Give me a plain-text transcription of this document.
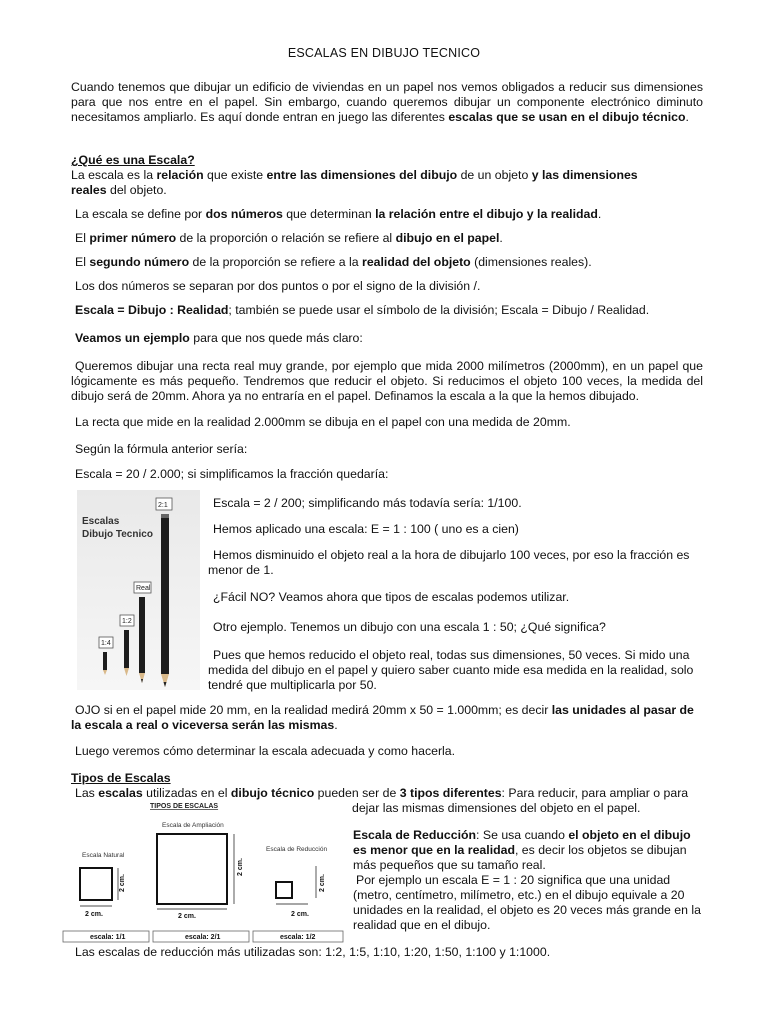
ESCALAS EN DIBUJO TECNICO

Cuando tenemos que dibujar un edificio de viviendas en un papel nos vemos obligados a reducir sus dimensiones para que nos entre en el papel. Sin embargo, cuando queremos dibujar un componente electrónico diminuto necesitamos ampliarlo. Es aquí donde entran en juego las diferentes escalas que se usan en el dibujo técnico.

¿Qué es una Escala?

La escala es la relación que existe entre las dimensiones del dibujo de un objeto y las dimensiones reales del objeto.

La escala se define por dos números que determinan la relación entre el dibujo y la realidad.

El primer número de la proporción o relación se refiere al dibujo en el papel.

El segundo número de la proporción se refiere a la realidad del objeto (dimensiones reales).

Los dos números se separan por dos puntos o por el signo de la división /.

Escala = Dibujo : Realidad; también se puede usar el símbolo de la división; Escala = Dibujo / Realidad.

Veamos un ejemplo para que nos quede más claro:

Queremos dibujar una recta real muy grande, por ejemplo que mida 2000 milímetros (2000mm), en un papel que lógicamente es más pequeño. Tendremos que reducir el objeto. Si reducimos el objeto 100 veces, la medida del dibujo será de 20mm. Ahora ya no entraría en el papel. Definamos la escala a la que la hemos dibujado.

La recta que mide en la realidad 2.000mm se dibuja en el papel con una medida de 20mm.

Según la fórmula anterior sería:

Escala = 20 / 2.000; si simplificamos la fracción quedaría:

Escalas
Dibujo Tecnico
2:1
Real
1:2
1:4

Escala = 2 / 200; simplificando más todavía sería: 1/100.

Hemos aplicado una escala: E = 1 : 100 ( uno es a cien)

Hemos disminuido el objeto real a la hora de dibujarlo 100 veces, por eso la fracción es menor de 1.

¿Fácil NO? Veamos ahora que tipos de escalas podemos utilizar.

Otro ejemplo. Tenemos un dibujo con una escala 1 : 50; ¿Qué significa?

Pues que hemos reducido el objeto real, todas sus dimensiones, 50 veces. Si mido una medida del dibujo en el papel y quiero saber cuanto mide esa medida en la realidad, solo tendré que multiplicarla por 50.

OJO si en el papel mide 20 mm, en la realidad medirá 20mm x 50 = 1.000mm; es decir las unidades al pasar de la escala a real o viceversa serán las mismas.

Luego veremos cómo determinar la escala adecuada y como hacerla.

Tipos de Escalas

Las escalas utilizadas en el dibujo técnico pueden ser de 3 tipos diferentes: Para reducir, para ampliar o para

dejar las mismas dimensiones del objeto en el papel.

TIPOS DE ESCALAS
Escala Natural
2 cm.
2 cm.
Escala de Ampliación
2 cm.
2 cm.
Escala de Reducción
2 cm.
2 cm.
escala: 1/1	escala: 2/1	escala: 1/2

Escala de Reducción: Se usa cuando el objeto en el dibujo es menor que en la realidad, es decir los objetos se dibujan más pequeños que su tamaño real.

Por ejemplo un escala E = 1 : 20 significa que una unidad (metro, centímetro, milímetro, etc.) en el dibujo equivale a 20 unidades en la realidad, el objeto es 20 veces más grande en la realidad que en el dibujo.

Las escalas de reducción más utilizadas son: 1:2, 1:5, 1:10, 1:20, 1:50, 1:100 y 1:1000.
